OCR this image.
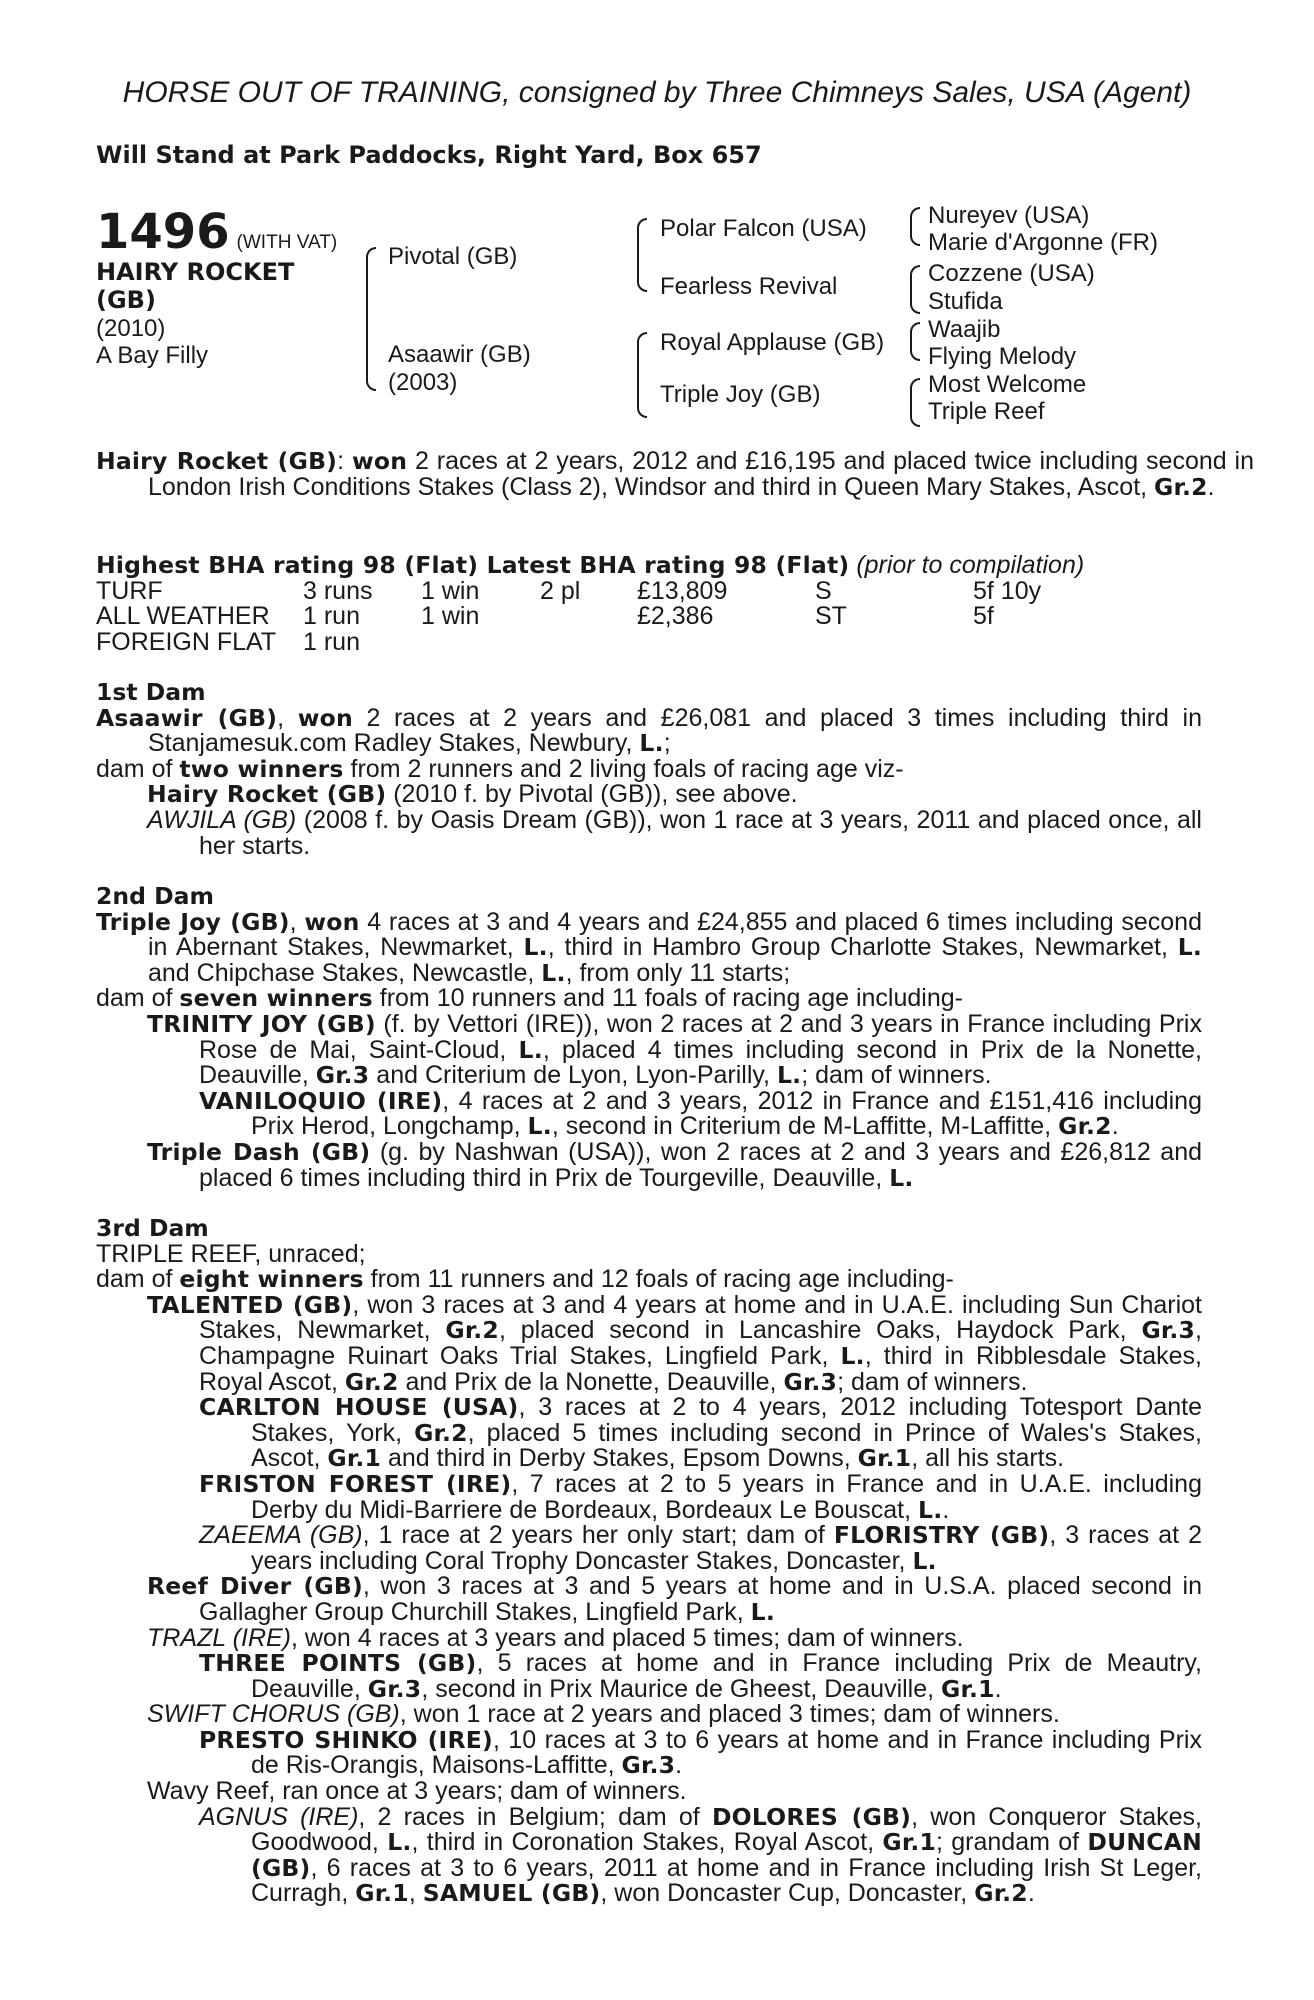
HORSE OUT OF TRAINING, consigned by Three Chimneys Sales, USA (Agent)
Will Stand at Park Paddocks, Right Yard, Box 657
1496 (WITH VAT)
HAIRY ROCKET
(GB)
(2010)
A Bay Filly
Pivotal (GB)
Asaawir (GB)
(2003)
Polar Falcon (USA)
Fearless Revival
Royal Applause (GB)
Triple Joy (GB)
Nureyev (USA)
Marie d'Argonne (FR)
Cozzene (USA)
Stufida
Waajib
Flying Melody
Most Welcome
Triple Reef
Hairy Rocket (GB): won 2 races at 2 years, 2012 and £16,195 and placed twice including second in London Irish Conditions Stakes (Class 2), Windsor and third in Queen Mary Stakes, Ascot, Gr.2.
Highest BHA rating 98 (Flat) Latest BHA rating 98 (Flat) (prior to compilation)
TURF	3 runs 1 win 2 pl £13,809	S	5f 10y
ALL WEATHER 1 run 1 win	£2,386	ST	5f
FOREIGN FLAT 1 run
1st Dam
Asaawir (GB), won 2 races at 2 years and £26,081 and placed 3 times including third in Stanjamesuk.com Radley Stakes, Newbury, L.;
dam of two winners from 2 runners and 2 living foals of racing age viz-
Hairy Rocket (GB) (2010 f. by Pivotal (GB)), see above.
AWJILA (GB) (2008 f. by Oasis Dream (GB)), won 1 race at 3 years, 2011 and placed once, all her starts.
2nd Dam
Triple Joy (GB), won 4 races at 3 and 4 years and £24,855 and placed 6 times including second in Abernant Stakes, Newmarket, L., third in Hambro Group Charlotte Stakes, Newmarket, L. and Chipchase Stakes, Newcastle, L., from only 11 starts;
dam of seven winners from 10 runners and 11 foals of racing age including-
TRINITY JOY (GB) (f. by Vettori (IRE)), won 2 races at 2 and 3 years in France including Prix Rose de Mai, Saint-Cloud, L., placed 4 times including second in Prix de la Nonette, Deauville, Gr.3 and Criterium de Lyon, Lyon-Parilly, L.; dam of winners.
VANILOQUIO (IRE), 4 races at 2 and 3 years, 2012 in France and £151,416 including Prix Herod, Longchamp, L., second in Criterium de M-Laffitte, M-Laffitte, Gr.2.
Triple Dash (GB) (g. by Nashwan (USA)), won 2 races at 2 and 3 years and £26,812 and placed 6 times including third in Prix de Tourgeville, Deauville, L.
3rd Dam
TRIPLE REEF, unraced;
dam of eight winners from 11 runners and 12 foals of racing age including-
TALENTED (GB), won 3 races at 3 and 4 years at home and in U.A.E. including Sun Chariot Stakes, Newmarket, Gr.2, placed second in Lancashire Oaks, Haydock Park, Gr.3, Champagne Ruinart Oaks Trial Stakes, Lingfield Park, L., third in Ribblesdale Stakes, Royal Ascot, Gr.2 and Prix de la Nonette, Deauville, Gr.3; dam of winners.
CARLTON HOUSE (USA), 3 races at 2 to 4 years, 2012 including Totesport Dante Stakes, York, Gr.2, placed 5 times including second in Prince of Wales's Stakes, Ascot, Gr.1 and third in Derby Stakes, Epsom Downs, Gr.1, all his starts.
FRISTON FOREST (IRE), 7 races at 2 to 5 years in France and in U.A.E. including Derby du Midi-Barriere de Bordeaux, Bordeaux Le Bouscat, L..
ZAEEMA (GB), 1 race at 2 years her only start; dam of FLORISTRY (GB), 3 races at 2 years including Coral Trophy Doncaster Stakes, Doncaster, L.
Reef Diver (GB), won 3 races at 3 and 5 years at home and in U.S.A. placed second in Gallagher Group Churchill Stakes, Lingfield Park, L.
TRAZL (IRE), won 4 races at 3 years and placed 5 times; dam of winners.
THREE POINTS (GB), 5 races at home and in France including Prix de Meautry, Deauville, Gr.3, second in Prix Maurice de Gheest, Deauville, Gr.1.
SWIFT CHORUS (GB), won 1 race at 2 years and placed 3 times; dam of winners.
PRESTO SHINKO (IRE), 10 races at 3 to 6 years at home and in France including Prix de Ris-Orangis, Maisons-Laffitte, Gr.3.
Wavy Reef, ran once at 3 years; dam of winners.
AGNUS (IRE), 2 races in Belgium; dam of DOLORES (GB), won Conqueror Stakes, Goodwood, L., third in Coronation Stakes, Royal Ascot, Gr.1; grandam of DUNCAN (GB), 6 races at 3 to 6 years, 2011 at home and in France including Irish St Leger, Curragh, Gr.1, SAMUEL (GB), won Doncaster Cup, Doncaster, Gr.2.
